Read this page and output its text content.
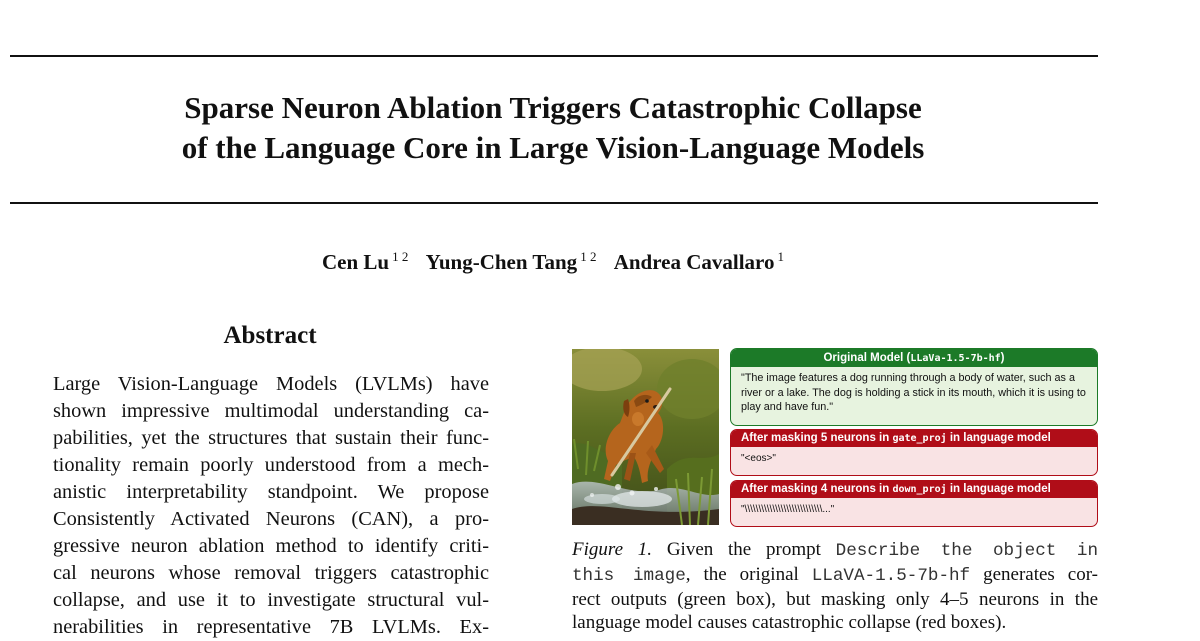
Sparse Neuron Ablation Triggers Catastrophic Collapse
of the Language Core in Large Vision-Language Models
Cen Lu $^{1 2}$ Yung-Chen Tang $^{1 2}$ Andrea Cavallaro $^1$
Abstract
Large Vision-Language Models (LVLMs) have
shown impressive multimodal understanding ca-
pabilities, yet the structures that sustain their func-
tionality remain poorly understood from a mech-
anistic interpretability standpoint. We propose
Consistently Activated Neurons (CAN), a pro-
gressive neuron ablation method to identify criti-
cal neurons whose removal triggers catastrophic
collapse, and use it to investigate structural vul-
nerabilities in representative 7B LVLMs. Ex-
Original Model (LLaVa-1.5-7b-hf)
"The image features a dog running through a body of water, such as a river or a lake. The dog is holding a stick in its mouth, which it is using to play and have fun."
After masking 5 neurons in gate_proj in language model
"<eos>"
After masking 4 neurons in down_proj in language model
"\\\\\\\\\\\\\\\\\\\\\\\\\\\\..."
Figure 1. Given the prompt Describe the object in
this image, the original LLaVA-1.5-7b-hf generates cor-
rect outputs (green box), but masking only 4–5 neurons in the
language model causes catastrophic collapse (red boxes).
